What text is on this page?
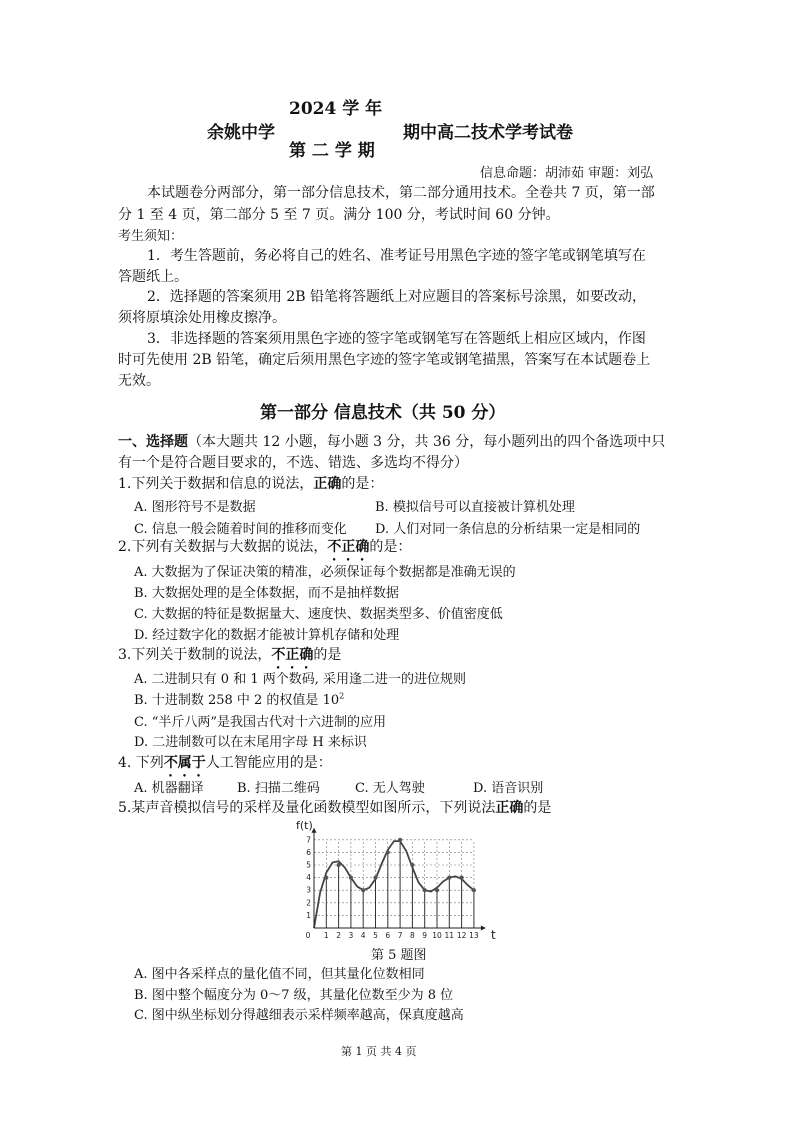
2024 学 年
余姚中学	期中高二技术学考试卷
第 二 学 期
信息命题：胡沛茹 审题：刘弘
本试题卷分两部分，第一部分信息技术，第二部分通用技术。全卷共 7 页，第一部
分 1 至 4 页，第二部分 5 至 7 页。满分 100 分，考试时间 60 分钟。
考生须知：
1．考生答题前，务必将自己的姓名、准考证号用黑色字迹的签字笔或钢笔填写在
答题纸上。
2．选择题的答案须用 2B 铅笔将答题纸上对应题目的答案标号涂黑，如要改动，
须将原填涂处用橡皮擦净。
3．非选择题的答案须用黑色字迹的签字笔或钢笔写在答题纸上相应区域内，作图
时可先使用 2B 铅笔，确定后须用黑色字迹的签字笔或钢笔描黑，答案写在本试题卷上
无效。
第一部分 信息技术（共 50 分）
一、选择题（本大题共 12 小题，每小题 3 分，共 36 分，每小题列出的四个备选项中只
有一个是符合题目要求的，不选、错选、多选均不得分）
1.下列关于数据和信息的说法，正确的是：
A. 图形符号不是数据	B. 模拟信号可以直接被计算机处理
C. 信息一般会随着时间的推移而变化 D. 人们对同一条信息的分析结果一定是相同的
2.下列有关数据与大数据的说法，不正确的是：
A. 大数据为了保证决策的精准，必须保证每个数据都是准确无误的
B. 大数据处理的是全体数据，而不是抽样数据
C. 大数据的特征是数据量大、速度快、数据类型多、价值密度低
D. 经过数字化的数据才能被计算机存储和处理
3.下列关于数制的说法，不正确的是
A. 二进制只有 0 和 1 两个数码, 采用逢二进一的进位规则
B. 十进制数 258 中 2 的权值是 $10^2$
C. “半斤八两”是我国古代对十六进制的应用
D. 二进制数可以在末尾用字母 H 来标识
4. 下列不属于人工智能应用的是：
A. 机器翻译	B. 扫描二维码	C. 无人驾驶	D. 语音识别
5.某声音模拟信号的采样及量化函数模型如图所示，下列说法正确的是
0 1 2 3 4 5 6 7 8 9 10 11 12 13
1
2
3
4
5
6
7
f(t)
t
第 5 题图
A. 图中各采样点的量化值不同，但其量化位数相同
B. 图中整个幅度分为 0～7 级，其量化位数至少为 8 位
C. 图中纵坐标划分得越细表示采样频率越高，保真度越高
第 1 页 共 4 页
